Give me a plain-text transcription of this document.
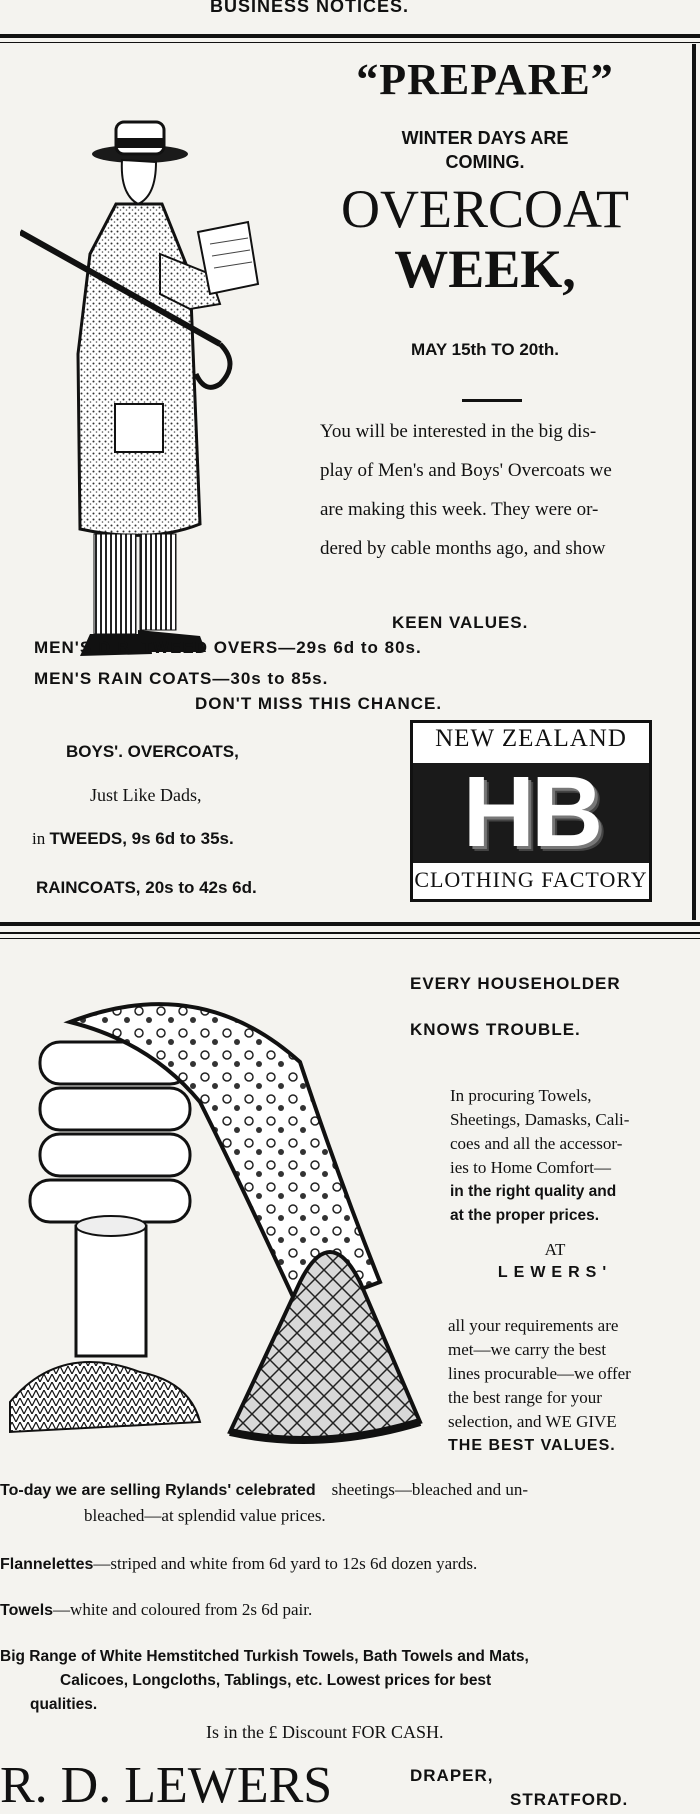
BUSINESS NOTICES.
“PREPARE”
WINTER DAYS ARE COMING.
OVERCOAT
WEEK,
MAY 15th TO 20th.
You will be interested in the big dis-
play of Men's and Boys' Overcoats we
are making this week. They were or-
dered by cable months ago, and show
KEEN VALUES.
MEN'S D.B. TWEED OVERS—29s 6d to 80s.
MEN'S RAIN COATS—30s to 85s.
DON'T MISS THIS CHANCE.
BOYS'. OVERCOATS,
Just Like Dads,
in TWEEDS, 9s 6d to 35s.
RAINCOATS, 20s to 42s 6d.
NEW ZEALAND
HB
CLOTHING FACTORY
EVERY HOUSEHOLDER
KNOWS TROUBLE.
In procuring Towels,
Sheetings, Damasks, Cali-
coes and all the accessor-
ies to Home Comfort—
in the right quality and
at the proper prices.
AT
LEWERS'
all your requirements are
met—we carry the best
lines procurable—we offer
the best range for your
selection, and WE GIVE
THE BEST VALUES.
To-day we are selling Rylands' celebrated sheetings—bleached and un-
bleached—at splendid value prices.
Flannelettes—striped and white from 6d yard to 12s 6d dozen yards.
Towels—white and coloured from 2s 6d pair.
Big Range of White Hemstitched Turkish Towels, Bath Towels and Mats,
Calicoes, Longcloths, Tablings, etc. Lowest prices for best
qualities.
Is in the £ Discount FOR CASH.
R. D. LEWERS	DRAPER,
STRATFORD.
